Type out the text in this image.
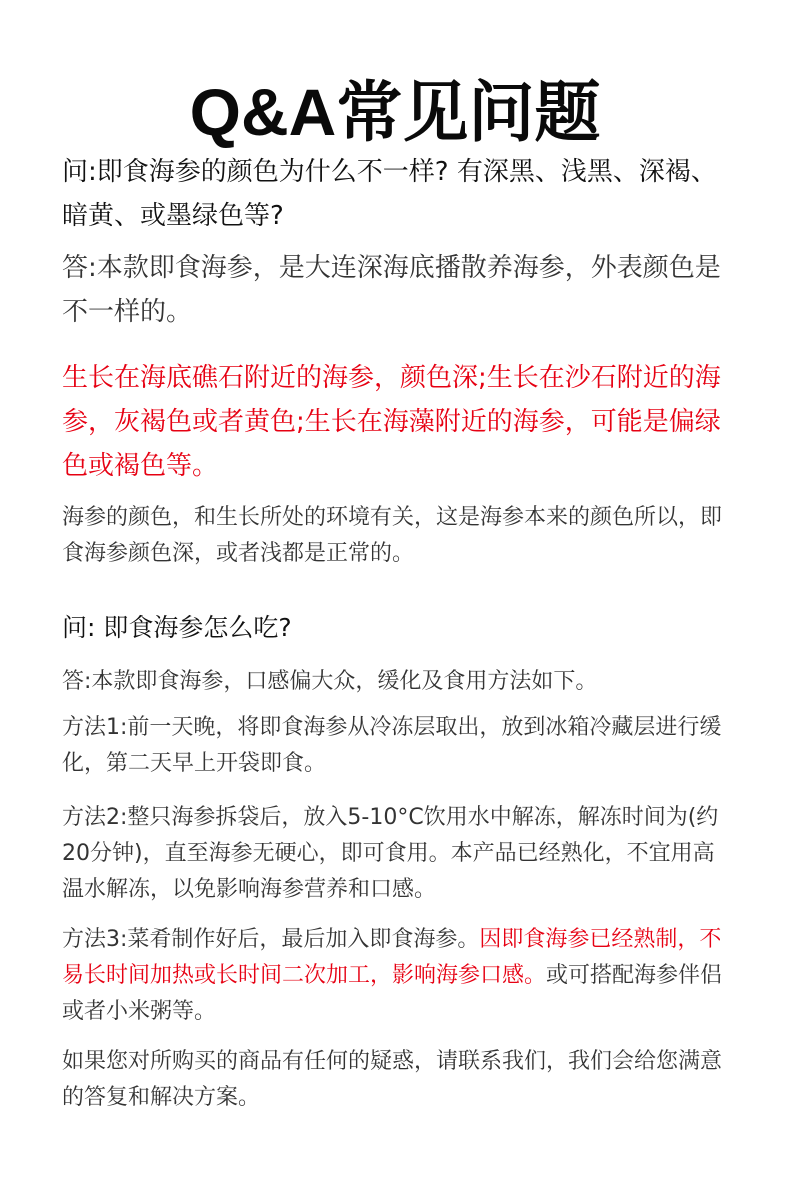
Q&A常见问题

问:即食海参的颜色为什么不一样? 有深黑、浅黑、深褐、暗黄、或墨绿色等?

答:本款即食海参，是大连深海底播散养海参，外表颜色是不一样的。

生长在海底礁石附近的海参，颜色深;生长在沙石附近的海参，灰褐色或者黄色;生长在海藻附近的海参，可能是偏绿色或褐色等。

海参的颜色，和生长所处的环境有关，这是海参本来的颜色所以，即食海参颜色深，或者浅都是正常的。

问: 即食海参怎么吃?

答:本款即食海参，口感偏大众，缓化及食用方法如下。

方法1:前一天晚，将即食海参从冷冻层取出，放到冰箱冷藏层进行缓化，第二天早上开袋即食。

方法2:整只海参拆袋后，放入5-10°C饮用水中解冻，解冻时间为(约20分钟)，直至海参无硬心，即可食用。本产品已经熟化，不宜用高温水解冻，以免影响海参营养和口感。

方法3:菜肴制作好后，最后加入即食海参。因即食海参已经熟制，不易长时间加热或长时间二次加工，影响海参口感。或可搭配海参伴侣或者小米粥等。

如果您对所购买的商品有任何的疑惑，请联系我们，我们会给您满意的答复和解决方案。
